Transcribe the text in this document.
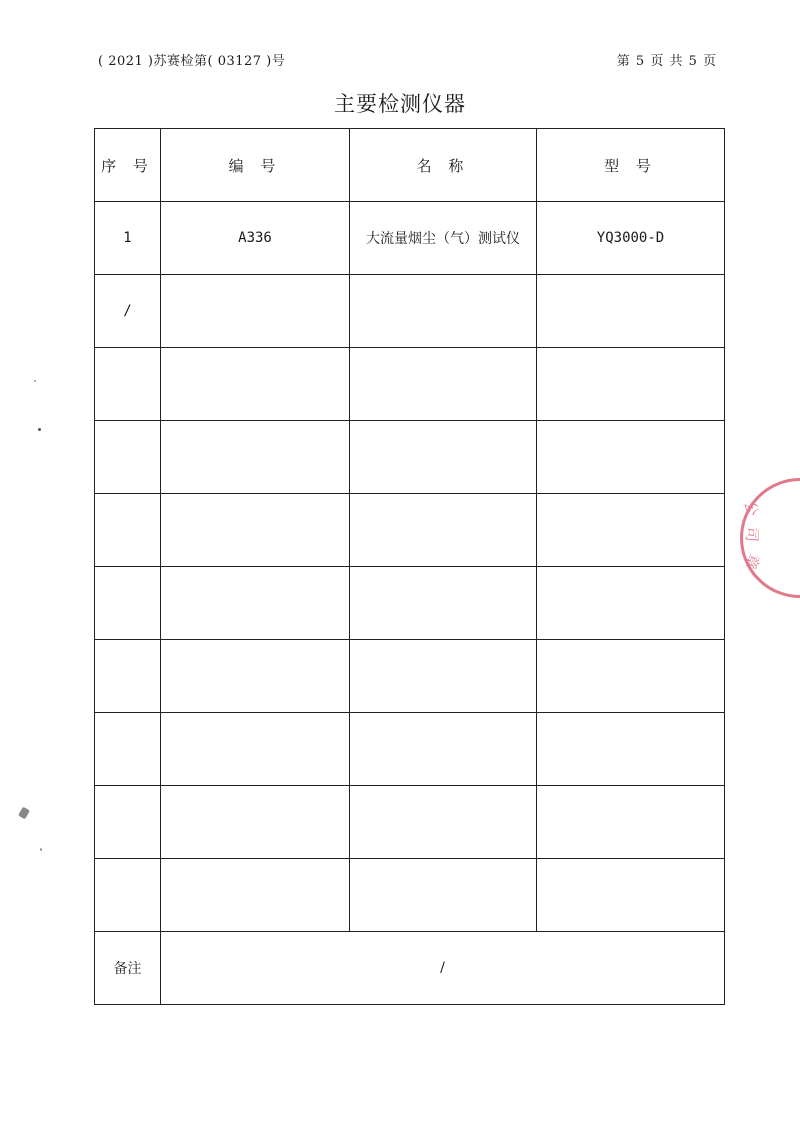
( 2021 )苏赛检第( 03127 )号	第 5 页 共 5 页
主要检测仪器
序 号	编 号	名 称	型 号
1	A336	大流量烟尘（气）测试仪	YQ3000-D
/			

备注	/		
公
司
章
